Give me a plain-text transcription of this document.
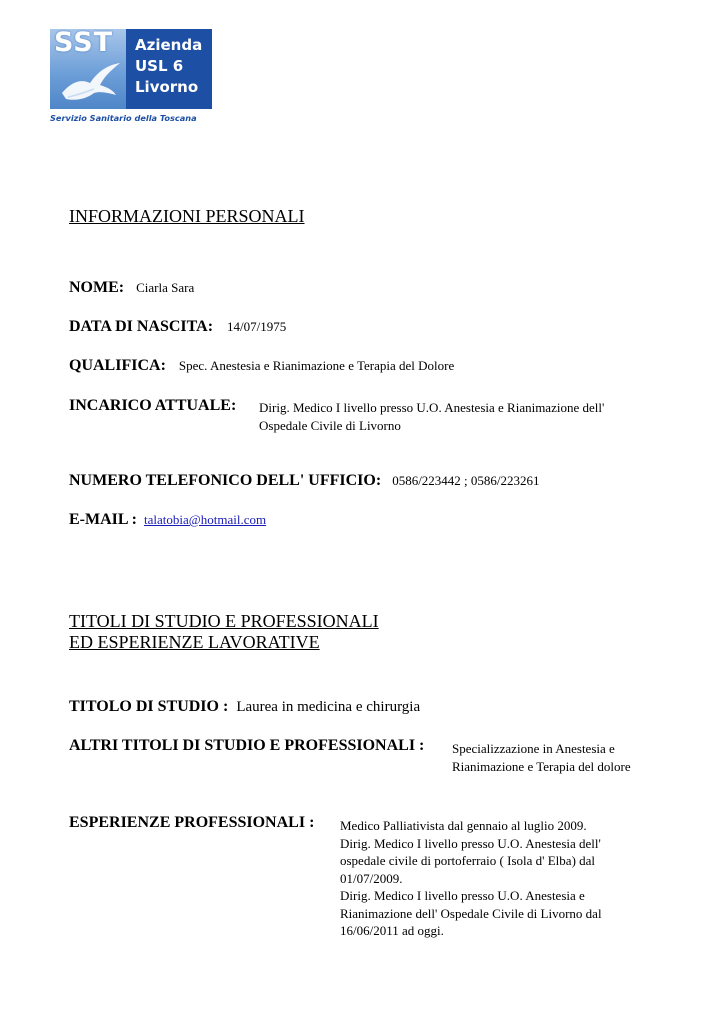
SST Azienda
USL 6
Livorno
Servizio Sanitario della Toscana
INFORMAZIONI PERSONALI
NOME: Ciarla Sara
DATA DI NASCITA: 14/07/1975
QUALIFICA: Spec. Anestesia e Rianimazione e Terapia del Dolore
INCARICO ATTUALE: Dirig. Medico I livello presso U.O. Anestesia e Rianimazione dell'
Ospedale Civile di Livorno
NUMERO TELEFONICO DELL' UFFICIO: 0586/223442 ; 0586/223261
E-MAIL : talatobia@hotmail.com
TITOLI DI STUDIO E PROFESSIONALI
ED ESPERIENZE LAVORATIVE
TITOLO DI STUDIO : Laurea in medicina e chirurgia
ALTRI TITOLI DI STUDIO E PROFESSIONALI : Specializzazione in Anestesia e
Rianimazione e Terapia del dolore
ESPERIENZE PROFESSIONALI : Medico Palliativista dal gennaio al luglio 2009.
Dirig. Medico I livello presso U.O. Anestesia dell'
ospedale civile di portoferraio ( Isola d' Elba) dal
01/07/2009.
Dirig. Medico I livello presso U.O. Anestesia e
Rianimazione dell' Ospedale Civile di Livorno dal
16/06/2011 ad oggi.
